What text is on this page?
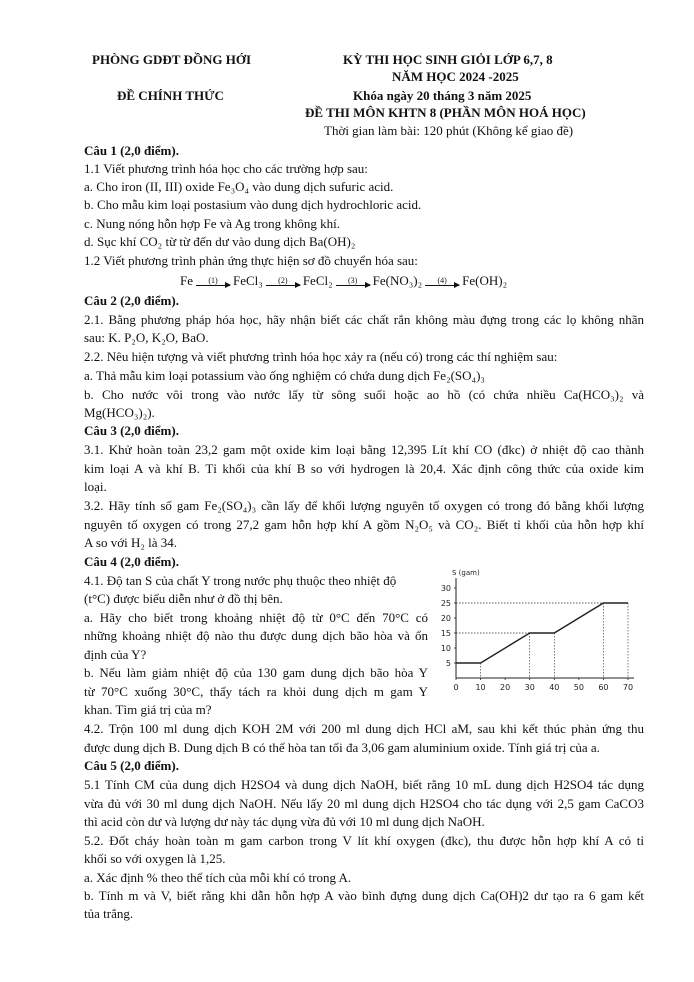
PHÒNG GDĐT ĐỒNG HỚI
ĐỀ CHÍNH THỨC
KỲ THI HỌC SINH GIỎI LỚP 6,7, 8
NĂM HỌC 2024 -2025
Khóa ngày 20 tháng 3 năm 2025
ĐỀ THI MÔN KHTN 8 (PHẦN MÔN HOÁ HỌC)
Thời gian làm bài: 120 phút (Không kể giao đề)
Câu 1 (2,0 điểm).
1.1 Viết phương trình hóa học cho các trường hợp sau:
a. Cho iron (II, III) oxide Fe₃O₄ vào dung dịch sufuric acid.
b. Cho mẫu kim loại postasium vào dung dịch hydrochloric acid.
c. Nung nóng hỗn hợp Fe và Ag trong không khí.
d. Sục khí CO₂ từ từ đến dư vào dung dịch Ba(OH)₂
1.2 Viết phương trình phản ứng thực hiện sơ đồ chuyển hóa sau:
Fe (1) FeCl₃ (2) FeCl₂ (3) Fe(NO₃)₂ (4) Fe(OH)₂
Câu 2 (2,0 điểm).
2.1. Bằng phương pháp hóa học, hãy nhận biết các chất rắn không màu đựng trong các lọ không nhãn
sau: K. P₂O, K₂O, BaO.
2.2. Nêu hiện tượng và viết phương trình hóa học xảy ra (nếu có) trong các thí nghiệm sau:
a. Thả mẫu kim loại potassium vào ống nghiệm có chứa dung dịch Fe₂(SO₄)₃
b. Cho nước vôi trong vào nước lấy từ sông suối hoặc ao hồ (có chứa nhiều Ca(HCO₃)₂ và
Mg(HCO₃)₂).
Câu 3 (2,0 điểm).
3.1. Khử hoàn toàn 23,2 gam một oxide kim loại bằng 12,395 Lít khí CO (đkc) ở nhiệt độ cao thành
kim loại A và khí B. Tỉ khối của khí B so với hydrogen là 20,4. Xác định công thức của oxide kim
loại.
3.2. Hãy tính số gam Fe₂(SO₄)₃ cần lấy để khối lượng nguyên tố oxygen có trong đó bằng khối lượng
nguyên tố oxygen có trong 27,2 gam hỗn hợp khí A gồm N₂O₅ và CO₂. Biết tỉ khối của hỗn hợp khí
A so với H₂ là 34.
Câu 4 (2,0 điểm).
4.1. Độ tan S của chất Y trong nước phụ thuộc theo nhiệt độ
(t°C) được biểu diễn như ở đồ thị bên.
a. Hãy cho biết trong khoảng nhiệt độ từ 0°C đến 70°C có
những khoảng nhiệt độ nào thu được dung dịch bão hòa và ổn
định của Y?
b. Nếu làm giảm nhiệt độ của 130 gam dung dịch bão hòa Y
từ 70°C xuống 30°C, thấy tách ra khỏi dung dịch m gam Y
khan. Tìm giá trị của m?
4.2. Trộn 100 ml dung dịch KOH 2M với 200 ml dung dịch HCl aM, sau khi kết thúc phản ứng thu
được dung dịch B. Dung dịch B có thể hòa tan tối đa 3,06 gam aluminium oxide. Tính giá trị của a.
S (gam)
5
10
15
20
25
30
0 10 20 30 40 50 60 70
Câu 5 (2,0 điểm).
5.1 Tính CM của dung dịch H2SO4 và dung dịch NaOH, biết rằng 10 mL dung dịch H2SO4 tác dụng
vừa đủ với 30 ml dung dịch NaOH. Nếu lấy 20 ml dung dịch H2SO4 cho tác dụng với 2,5 gam CaCO3
thì acid còn dư và lượng dư này tác dụng vừa đủ với 10 ml dung dịch NaOH.
5.2. Đốt cháy hoàn toàn m gam carbon trong V lít khí oxygen (đkc), thu được hỗn hợp khí A có tỉ
khối so với oxygen là 1,25.
a. Xác định % theo thể tích của mỗi khí có trong A.
b. Tính m và V, biết rằng khi dẫn hỗn hợp A vào bình đựng dung dịch Ca(OH)2 dư tạo ra 6 gam kết
tủa trắng.
